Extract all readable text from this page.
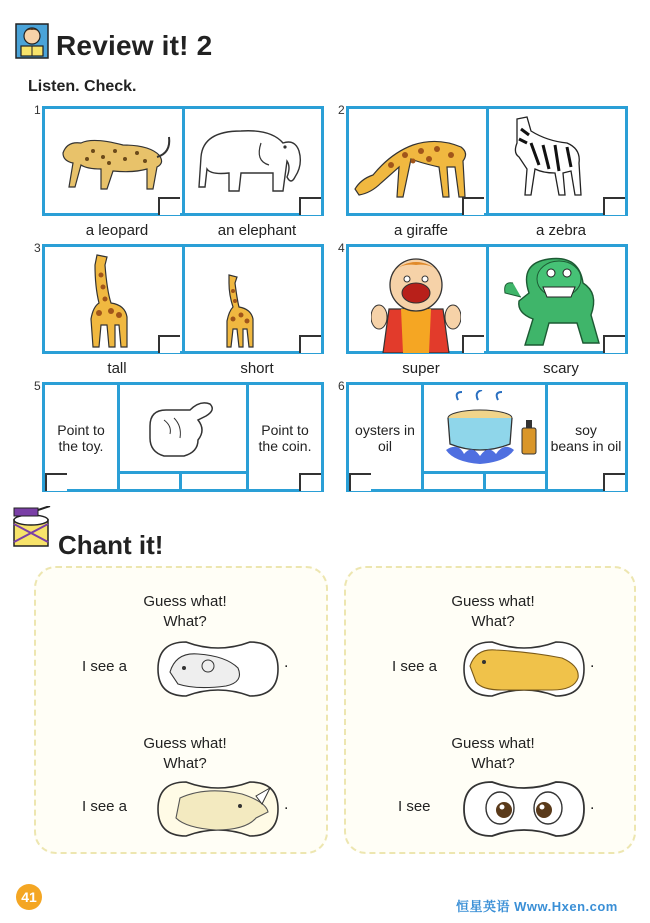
Review it! 2
Listen. Check.
1
a leopard	an elephant
2
a giraffe	a zebra
3
tall	short
4
super	scary
5
Point to
the toy.
Point to
the coin.
6
oysters in
oil
soy
beans in oil
Chant it!
Guess what!
What?
I see a	.
Guess what!
What?
I see a	.
Guess what!
What?
I see a	.
Guess what!
What?
I see	.
41
恒星英语 Www.Hxen.com
